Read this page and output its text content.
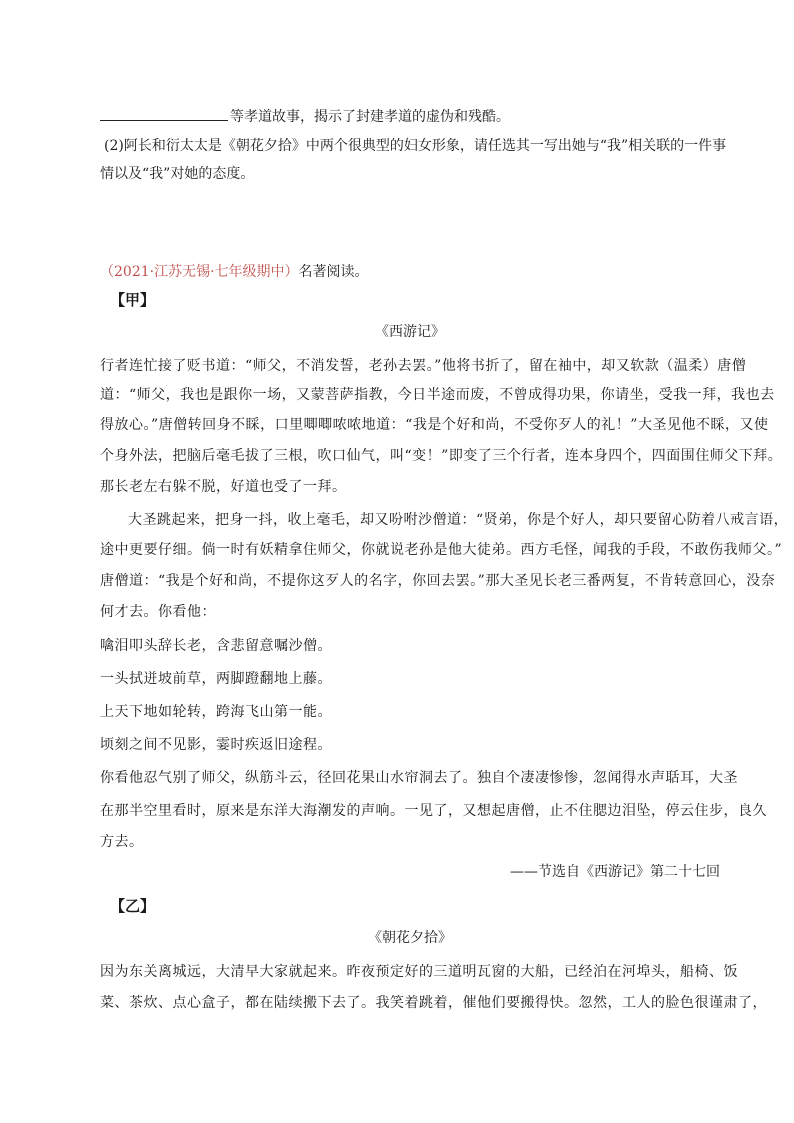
等孝道故事，揭示了封建孝道的虚伪和残酷。
(2)阿长和衍太太是《朝花夕拾》中两个很典型的妇女形象，请任选其一写出她与“我”相关联的一件事
情以及“我”对她的态度。
（2021·江苏无锡·七年级期中）名著阅读。
【甲】
《西游记》
行者连忙接了贬书道：“师父，不消发誓，老孙去罢。”他将书折了，留在袖中，却又软款（温柔）唐僧
道：“师父，我也是跟你一场，又蒙菩萨指教，今日半途而废，不曾成得功果，你请坐，受我一拜，我也去
得放心。”唐僧转回身不睬，口里唧唧哝哝地道：“我是个好和尚，不受你歹人的礼！”大圣见他不睬，又使
个身外法，把脑后毫毛拔了三根，吹口仙气，叫“变！”即变了三个行者，连本身四个，四面围住师父下拜。
那长老左右躲不脱，好道也受了一拜。
大圣跳起来，把身一抖，收上毫毛，却又吩咐沙僧道：“贤弟，你是个好人，却只要留心防着八戒言语，
途中更要仔细。倘一时有妖精拿住师父，你就说老孙是他大徒弟。西方毛怪，闻我的手段，不敢伤我师父。”
唐僧道：“我是个好和尚，不提你这歹人的名字，你回去罢。”那大圣见长老三番两复，不肯转意回心，没奈
何才去。你看他：
噙泪叩头辞长老，含悲留意嘱沙僧。
一头拭迸坡前草，两脚蹬翻地上藤。
上天下地如轮转，跨海飞山第一能。
顷刻之间不见影，霎时疾返旧途程。
你看他忍气别了师父，纵筋斗云，径回花果山水帘洞去了。独自个凄凄惨惨，忽闻得水声聒耳，大圣
在那半空里看时，原来是东洋大海潮发的声响。一见了，又想起唐僧，止不住腮边泪坠，停云住步，良久
方去。
——节选自《西游记》第二十七回
【乙】
《朝花夕拾》
因为东关离城远，大清早大家就起来。昨夜预定好的三道明瓦窗的大船，已经泊在河埠头，船椅、饭
菜、茶炊、点心盒子，都在陆续搬下去了。我笑着跳着，催他们要搬得快。忽然，工人的脸色很谨肃了，
